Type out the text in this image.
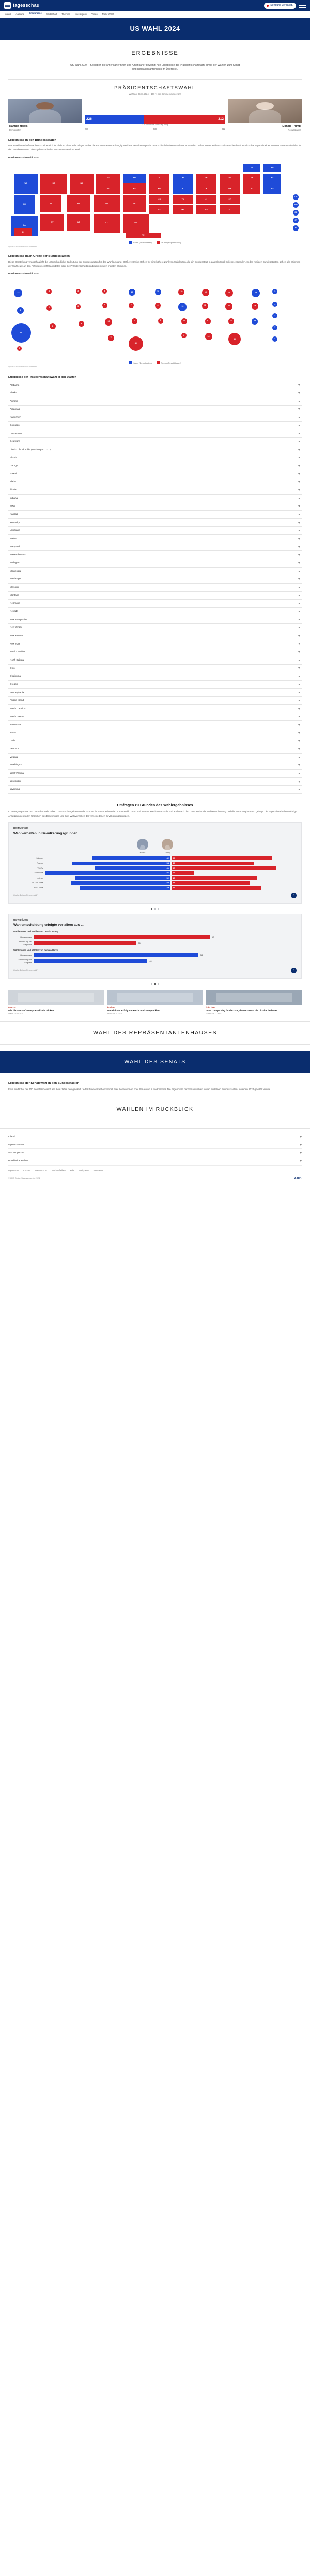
tagesschau	Sendung verpasst?
Inland Ausland Ergebnisse Wirtschaft Themen Investigativ Video Mehr WDR
US WAHL 2024
ERGEBNISSE

US-Wahl 2024 – So haben die Amerikanerinnen und Amerikaner gewählt: Alle Ergebnisse der Präsidentschaftswahl sowie der Wahlen zum Senat und Repräsentantenhaus im Überblick.

PRÄSIDENTSCHAFTSWAHL
Wahltag: 05.11.2024 – 100 % der Stimmen ausgezählt
Kamala Harris
Demokraten
226	312
270 Wahlleute zum Sieg nötig
226	538	312
Donald Trump
Republikaner
Ergebnisse in den Bundesstaaten

Das Präsidentschaftswahl entscheidet sich letztlich im Electoral College. In das die Bundesstaaten abhängig von ihrer Bevölkerungszahl unterschiedlich viele Wahlleute entsenden dürfen. Die Präsidentschaftswahl ist damit letztlich das Ergebnis einer Summe von Einzelwahlen in den Bundesstaaten. Die Ergebnisse in den Bundesstaaten im Detail:

Präsidentschaftswahl 2024
WA
OR
CA
MT
ID
NV
WY
UT	AZ	NM
CO
ND
SD
NE	KS
OK
TX
MN	IA
MO
AR
LA
WI
IL
TN
MS
MI
IN
AL
GA
OH
SC
FL
PA
NC
VA	NY
NJ
ME
VT
AK
MD
DE
CT
RI
DC
Harris (Demokraten)	Trump (Republikaner)
Quelle: AP/Election/ARD-Wahlbüro
Ergebnisse nach Größe der Bundesstaaten

Diese Darstellung veranschaulicht die unterschiedliche Bedeutung der Bundesstaaten für den Wahlausgang. Größere Kreise stehen für eine höhere Zahl von Wahlleuten, die ein Bundesstaat in das Electoral College entsenden. In den meisten Bundesstaaten gehen alle Stimmen der Wahlleute an den Präsidentschaftskandidaten oder die Präsidentschaftskandidatin mit den meisten Stimmen.

Präsidentschaftswahl 2024
12
8
54
4
4
6
3
3
6
3
5
10
11
10
6
7
40
10
6
6
10
19
11
6
15
11
9
16
19
17
9
30
28
16
14
4
4
3
7
4
3
Harris (Demokraten)	Trump (Republikaner)
Quelle: AP/Election/ARD-Wahlbüro
Ergebnisse der Präsidentschaftswahl in den Staaten
Alabama
Alaska
Arizona
Arkansas
Kalifornien
Colorado
Connecticut
Delaware
District of Columbia (Washington D.C.)
Florida
Georgia
Hawaii
Idaho
Illinois
Indiana
Iowa
Kansas
Kentucky
Louisiana
Maine
Maryland
Massachusetts
Michigan
Minnesota
Mississippi
Missouri
Montana
Nebraska
Nevada
New Hampshire
New Jersey
New Mexico
New York
North Carolina
North Dakota
Ohio
Oklahoma
Oregon
Pennsylvania
Rhode Island
South Carolina
South Dakota
Tennessee
Texas
Utah
Vermont
Virginia
Washington
West Virginia
Wisconsin
Wyoming
Umfragen zu Gründen des Wahlergebnisses

In Befragungen vor und nach der Wahl haben US-Forschungsinstitute die Gründe für das Abschneiden von Donald Trump und Kamala Harris untersucht und auch nach den Gründen für die Wahlentscheidung und die Stimmung im Land gefragt. Die Ergebnisse hellen wichtige Ansatzpunkte zu den Ursachen des Ergebnisses und zum Wahlverhalten der verschiedenen Bevölkerungsgruppen.

US-Wahl 2024
Wahlverhalten in Bevölkerungsgruppen
Harris	Trump
Männer	42	55
Frauen	53	45
Weiße	41	57
Schwarze	86	12
Latinos	52	46
18–29 Jahre	54	43
65+ Jahre	49	49
Quelle: Edison Research/AP	↗
US-Wahl 2024
Wahlentscheidung erfolgte vor allem aus ...
Wählerinnen und Wähler von Donald Trump
Überzeugung	62
Ablehnung der Gegnerin
36
Wählerinnen und Wähler von Kamala Harris
Überzeugung	58
Ablehnung des Gegners
40
Quelle: Edison Research/AP	↗
Analyse
Wie die USA auf Trumps Rückkehr blicken
Stand: 06.11.2024
Analyse
Wie sich der Erfolg von Harris und Trump erklärt
Stand: 06.11.2024
Interview
Was Trumps Sieg für die USA, die NATO und die Ukraine bedeutet
Stand: 06.11.2024
WAHL DES REPRÄSENTANTENHAUSES
WAHL DES SENATS
Ergebnisse der Senatswahl in den Bundesstaaten

Etwa ein Drittel der 100 Senatssitze wird alle zwei Jahre neu gewählt. Jeder Bundesstaat entsendet zwei Senatorinnen oder Senatoren in die Kammer. Die Ergebnisse der Senatswahlen in den einzelnen Bundesstaaten, in denen 2024 gewählt wurde:

WAHLEN IM RÜCKBLICK
Inland
tagesschau.de
ARD-Angebote
Rundfunkanstalten
Impressum Kontakt Datenschutz Barrierefreiheit Hilfe Netiquette Newsletter
© ARD Online / tagesschau.de 2024	ARD
